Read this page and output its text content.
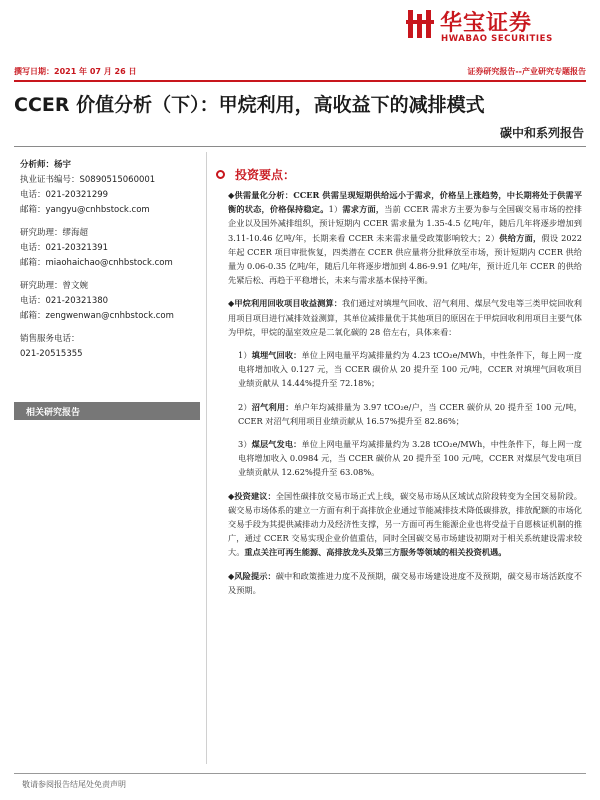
华宝证券
HWABAO SECURITIES
撰写日期：2021 年 07 月 26 日	证券研究报告--产业研究专题报告
CCER 价值分析（下）：甲烷利用，高收益下的减排模式
碳中和系列报告
分析师：杨宇
执业证书编号：S0890515060001
电话：021-20321299
邮箱：yangyu@cnhbstock.com
研究助理：缪海超
电话：021-20321391
邮箱：miaohaichao@cnhbstock.com
研究助理：曾文婉
电话：021-20321380
邮箱：zengwenwan@cnhbstock.com
销售服务电话：
021-20515355
相关研究报告
投资要点：

◆供需量化分析：CCER 供需呈现短期供给远小于需求，价格呈上涨趋势，中长期将处于供需平衡的状态，价格保持稳定。1）需求方面，当前 CCER 需求方主要为参与全国碳交易市场的控排企业以及国外减排组织，预计短期内 CCER 需求量为 1.35-4.5 亿吨/年，随后几年将逐步增加到 3.11-10.46 亿吨/年，长期来看 CCER 未来需求量受政策影响较大；2）供给方面，假设 2022 年起 CCER 项目审批恢复，四类潜在 CCER 供应量将分批释放至市场，预计短期内 CCER 供给量为 0.06-0.35 亿吨/年，随后几年将逐步增加到 4.86-9.91 亿吨/年，预计近几年 CCER 的供给先紧后松、再趋于平稳增长，未来与需求基本保持平衡。

◆甲烷利用回收项目收益测算：我们通过对填埋气回收、沼气利用、煤层气发电等三类甲烷回收利用项目项目进行减排效益测算，其单位减排量优于其他项目的原因在于甲烷回收利用项目主要气体为甲烷，甲烷的温室效应是二氧化碳的 28 倍左右，具体来看：

1）填埋气回收：单位上网电量平均减排量约为 4.23 tCO₂e/MWh，中性条件下，每上网一度电将增加收入 0.127 元，当 CCER 碳价从 20 提升至 100 元/吨，CCER 对填埋气回收项目业绩贡献从 14.44%提升至 72.18%；

2）沼气利用：单户年均减排量为 3.97 tCO₂e/户，当 CCER 碳价从 20 提升至 100 元/吨，CCER 对沼气利用项目业绩贡献从 16.57%提升至 82.86%；

3）煤层气发电：单位上网电量平均减排量约为 3.28 tCO₂e/MWh，中性条件下，每上网一度电将增加收入 0.0984 元，当 CCER 碳价从 20 提升至 100 元/吨，CCER 对煤层气发电项目业绩贡献从 12.62%提升至 63.08%。

◆投资建议：全国性碳排放交易市场正式上线，碳交易市场从区域试点阶段转变为全国交易阶段。碳交易市场体系的建立一方面有利于高排放企业通过节能减排技术降低碳排放，排放配额的市场化交易手段为其提供减排动力及经济性支撑，另一方面可再生能源企业也将受益于自愿核证机制的推广，通过 CCER 交易实现企业价值重估，同时全国碳交易市场建设初期对于相关系统建设需求较大。重点关注可再生能源、高排放龙头及第三方服务等领域的相关投资机遇。

◆风险提示：碳中和政策推进力度不及预期，碳交易市场建设进度不及预期，碳交易市场活跃度不及预期。

敬请参阅报告结尾处免责声明
